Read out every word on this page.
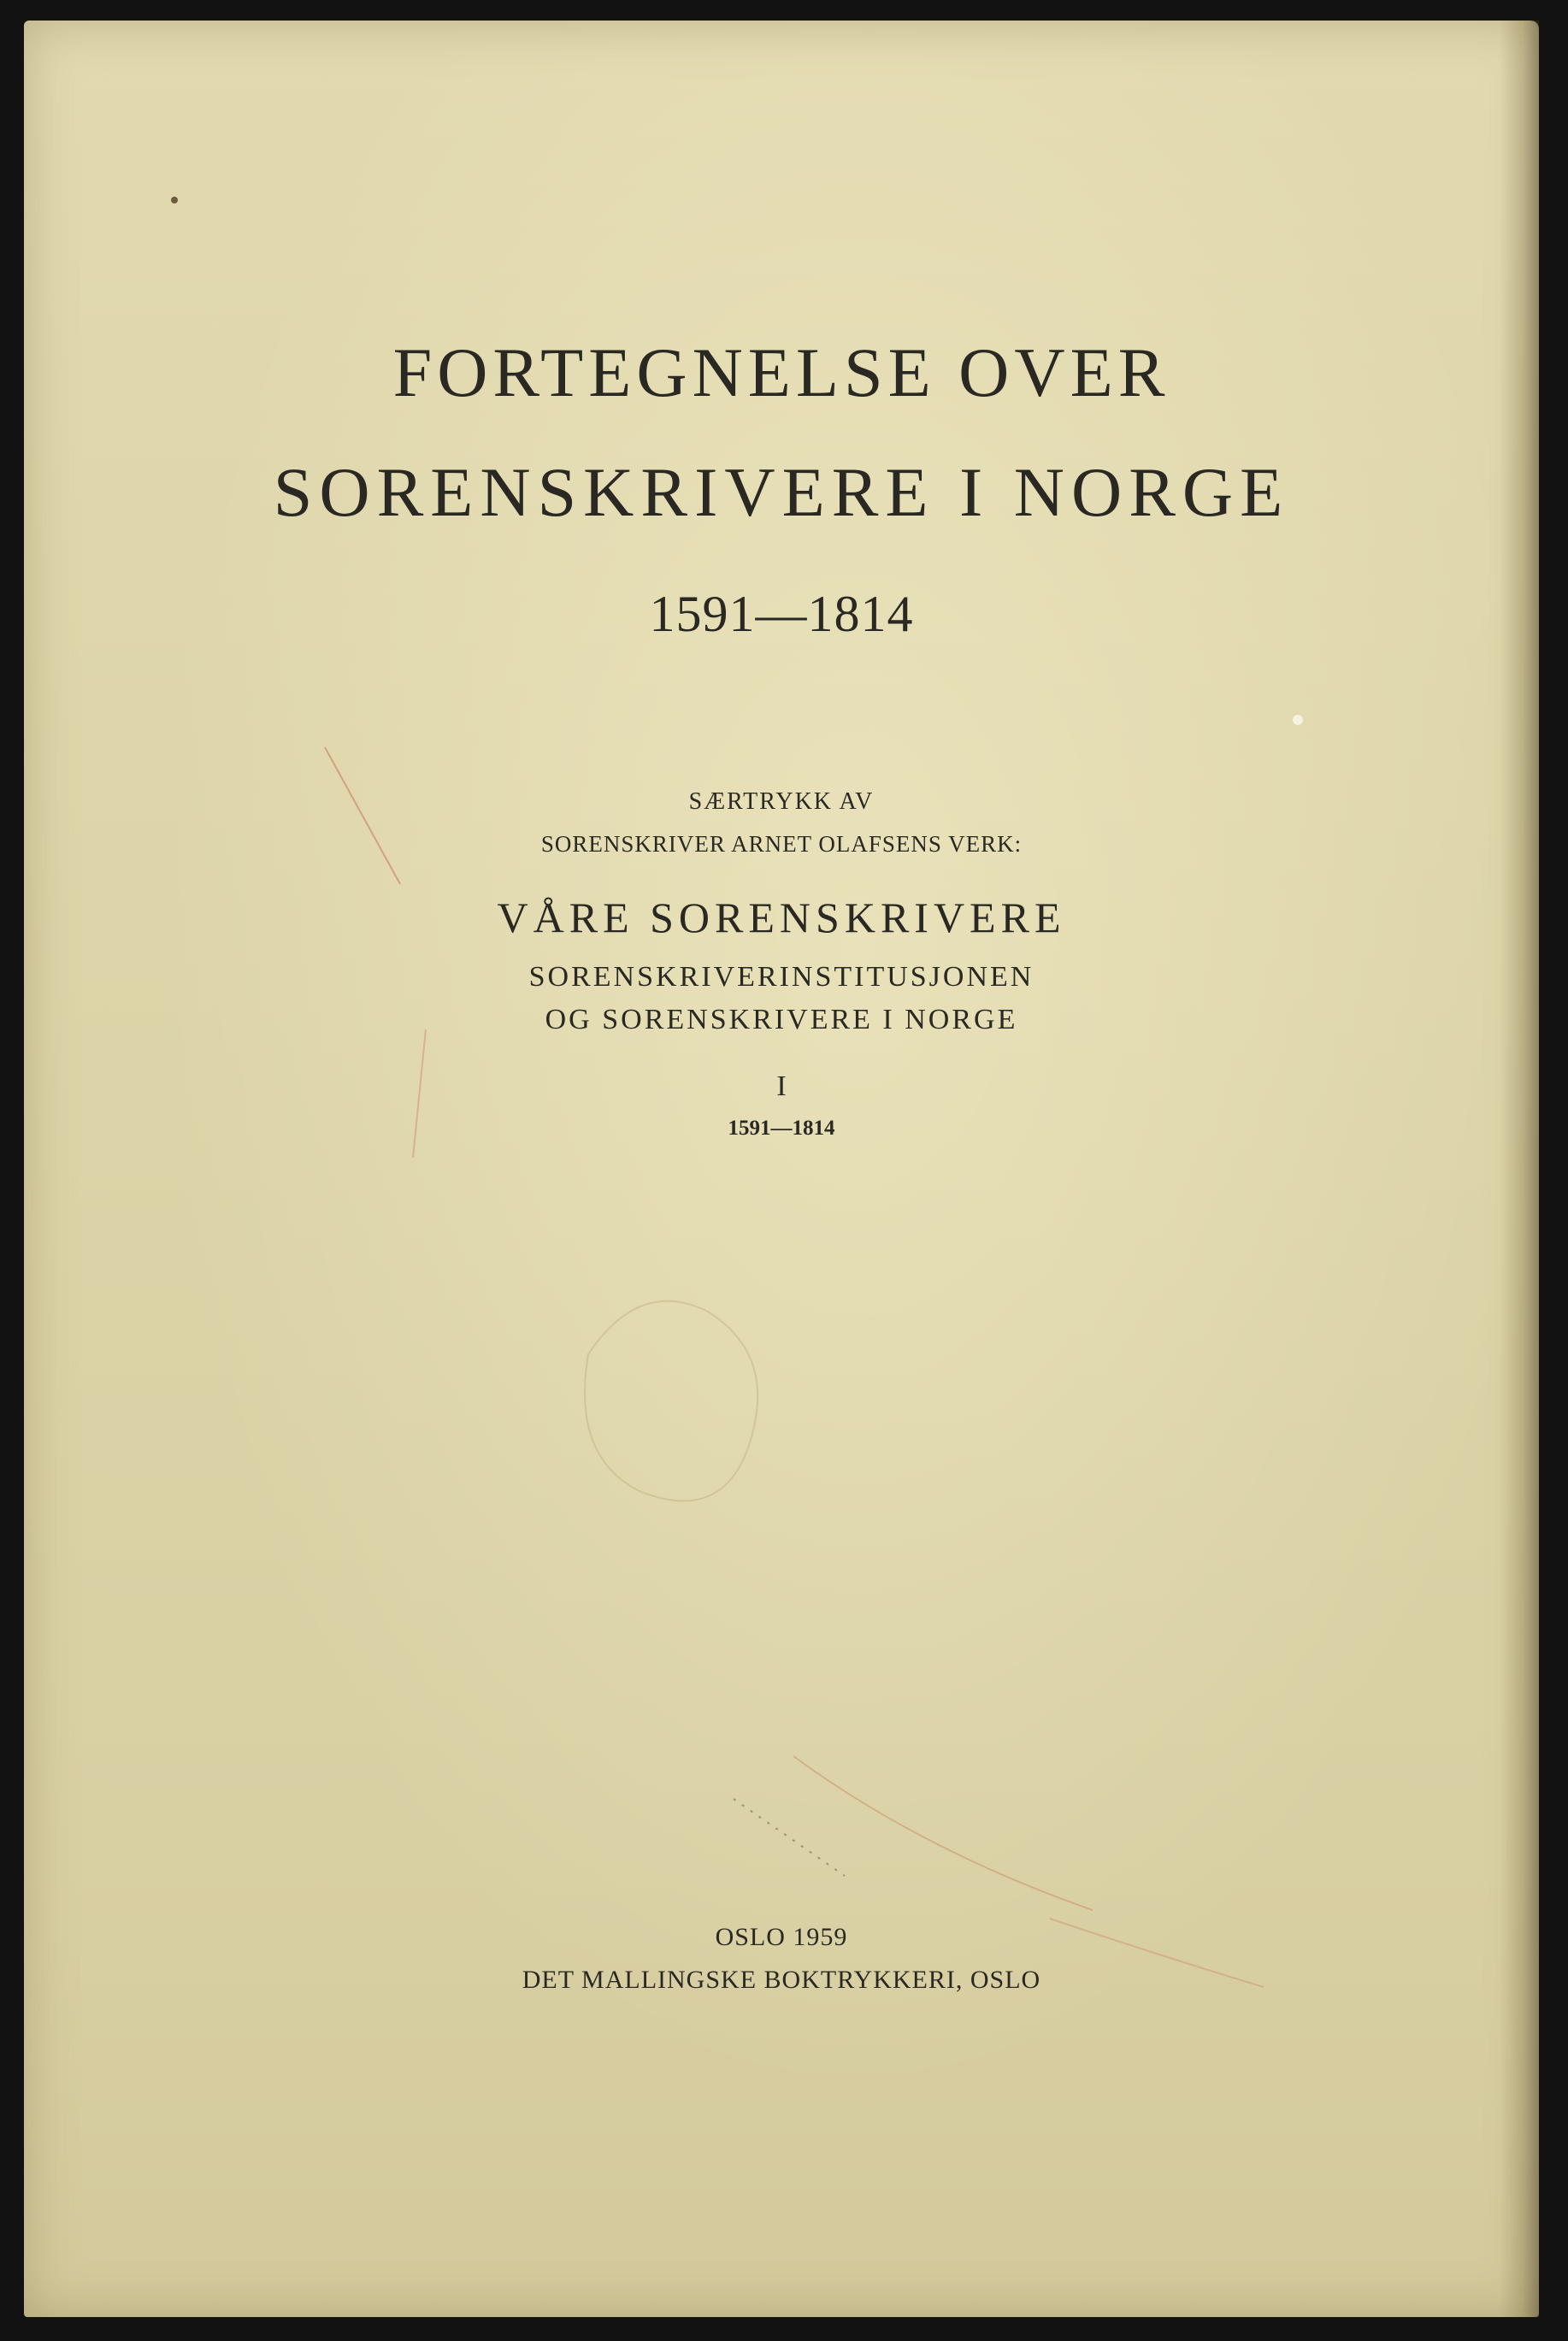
FORTEGNELSE OVER
SORENSKRIVERE I NORGE
1591—1814
SÆRTRYKK AV
SORENSKRIVER ARNET OLAFSENS VERK:
VÅRE SORENSKRIVERE
SORENSKRIVERINSTITUSJONEN
OG SORENSKRIVERE I NORGE
I
1591—1814
OSLO 1959
DET MALLINGSKE BOKTRYKKERI, OSLO
